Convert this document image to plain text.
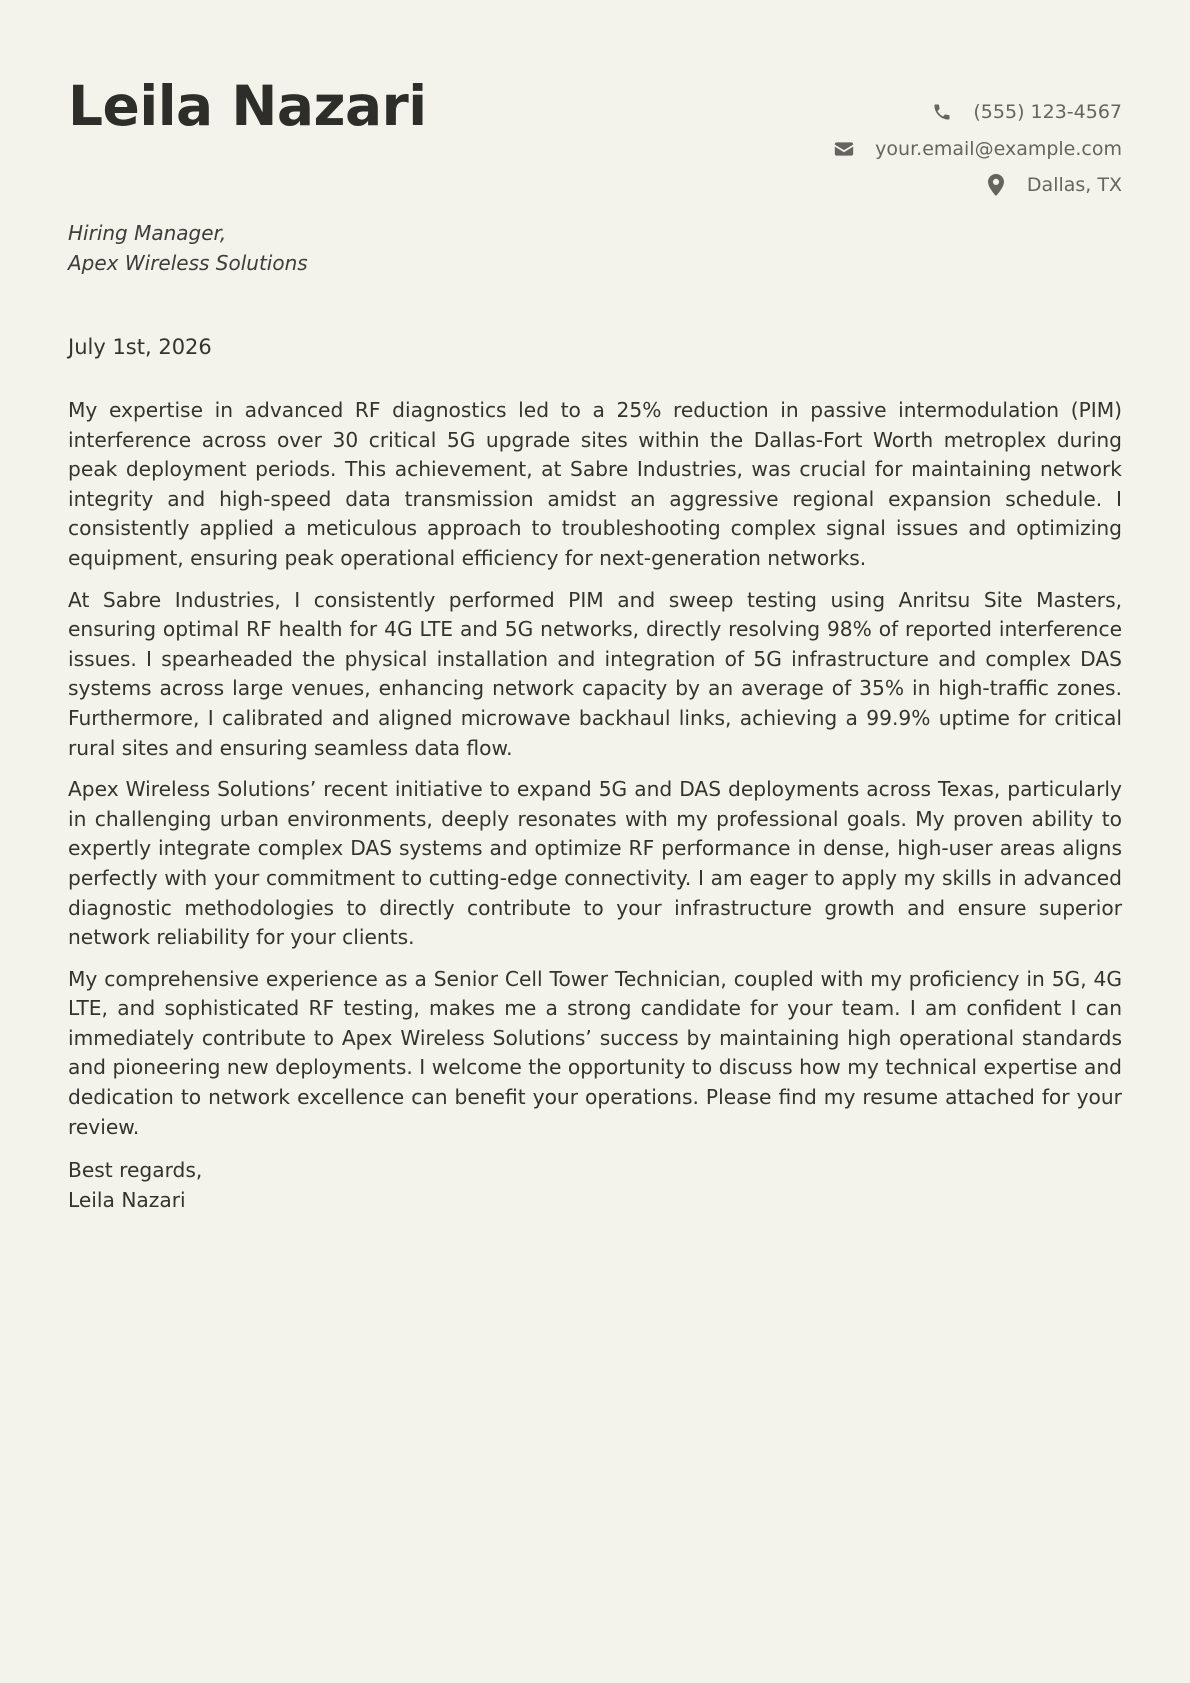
Leila Nazari	(555) 123-4567
your.email@example.com
Dallas, TX
Hiring Manager,
Apex Wireless Solutions
July 1st, 2026

My expertise in advanced RF diagnostics led to a 25% reduction in passive intermodulation (PIM) interference across over 30 critical 5G upgrade sites within the Dallas-Fort Worth metroplex during peak deployment periods. This achievement, at Sabre Industries, was crucial for maintaining network integrity and high-speed data transmission amidst an aggressive regional expansion schedule. I consistently applied a meticulous approach to troubleshooting complex signal issues and optimizing equipment, ensuring peak operational efficiency for next-generation networks.

At Sabre Industries, I consistently performed PIM and sweep testing using Anritsu Site Masters, ensuring optimal RF health for 4G LTE and 5G networks, directly resolving 98% of reported interference issues. I spearheaded the physical installation and integration of 5G infrastructure and complex DAS systems across large venues, enhancing network capacity by an average of 35% in high-traffic zones. Furthermore, I calibrated and aligned microwave backhaul links, achieving a 99.9% uptime for critical rural sites and ensuring seamless data flow.

Apex Wireless Solutions’ recent initiative to expand 5G and DAS deployments across Texas, particularly in challenging urban environments, deeply resonates with my professional goals. My proven ability to expertly integrate complex DAS systems and optimize RF performance in dense, high-user areas aligns perfectly with your commitment to cutting-edge connectivity. I am eager to apply my skills in advanced diagnostic methodologies to directly contribute to your infrastructure growth and ensure superior network reliability for your clients.

My comprehensive experience as a Senior Cell Tower Technician, coupled with my proficiency in 5G, 4G LTE, and sophisticated RF testing, makes me a strong candidate for your team. I am confident I can immediately contribute to Apex Wireless Solutions’ success by maintaining high operational standards and pioneering new deployments. I welcome the opportunity to discuss how my technical expertise and dedication to network excellence can benefit your operations. Please find my resume attached for your review.

Best regards,
Leila Nazari
